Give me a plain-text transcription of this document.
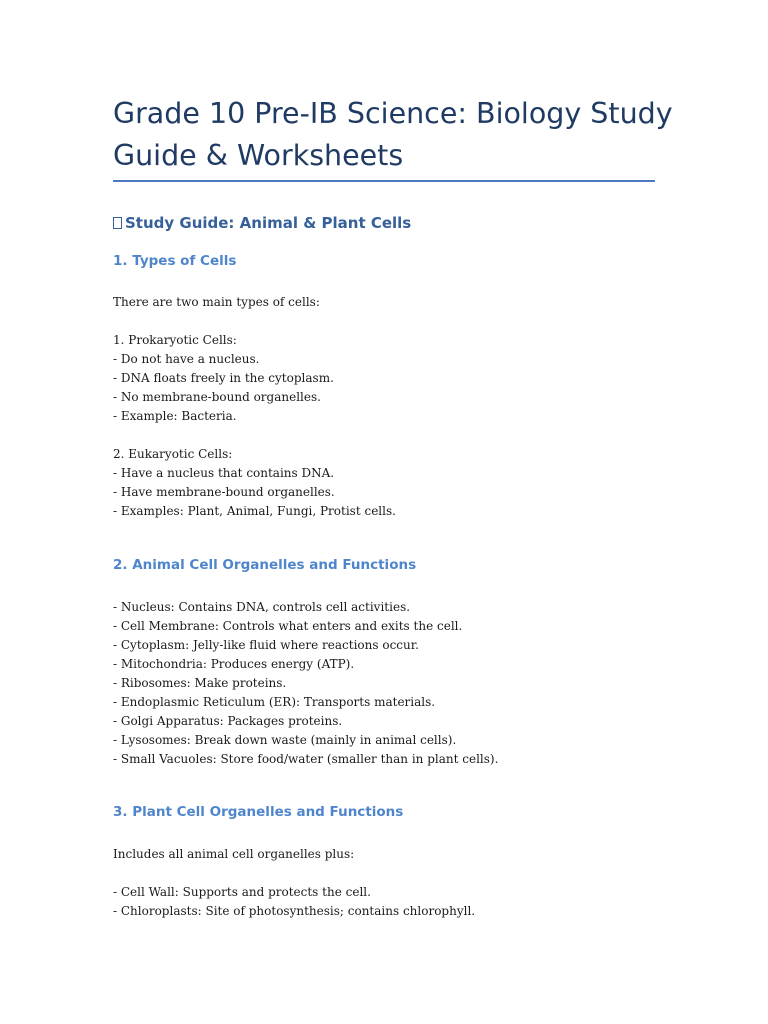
Grade 10 Pre-IB Science: Biology Study Guide & Worksheets
Study Guide: Animal & Plant Cells
1. Types of Cells
There are two main types of cells:
1. Prokaryotic Cells:
- Do not have a nucleus.
- DNA floats freely in the cytoplasm.
- No membrane-bound organelles.
- Example: Bacteria.
2. Eukaryotic Cells:
- Have a nucleus that contains DNA.
- Have membrane-bound organelles.
- Examples: Plant, Animal, Fungi, Protist cells.
2. Animal Cell Organelles and Functions
- Nucleus: Contains DNA, controls cell activities.
- Cell Membrane: Controls what enters and exits the cell.
- Cytoplasm: Jelly-like fluid where reactions occur.
- Mitochondria: Produces energy (ATP).
- Ribosomes: Make proteins.
- Endoplasmic Reticulum (ER): Transports materials.
- Golgi Apparatus: Packages proteins.
- Lysosomes: Break down waste (mainly in animal cells).
- Small Vacuoles: Store food/water (smaller than in plant cells).
3. Plant Cell Organelles and Functions
Includes all animal cell organelles plus:
- Cell Wall: Supports and protects the cell.
- Chloroplasts: Site of photosynthesis; contains chlorophyll.
